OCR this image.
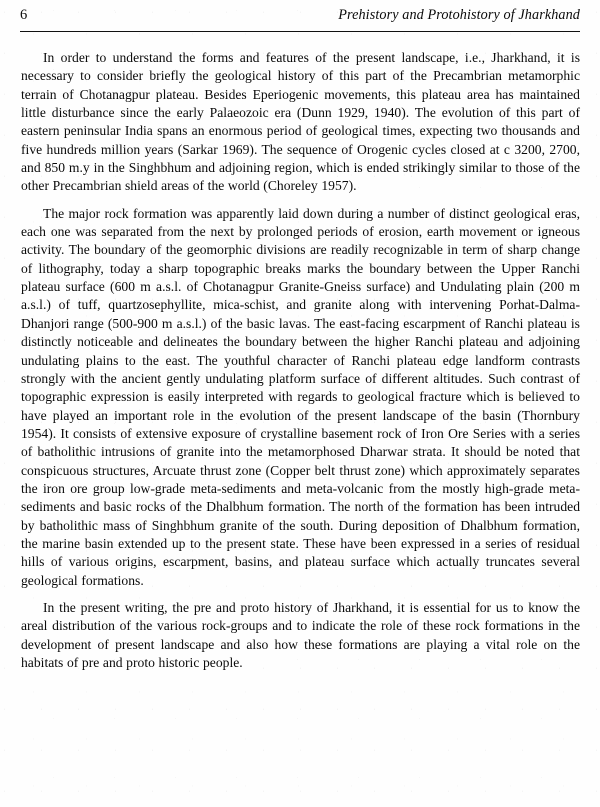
6	Prehistory and Protohistory of Jharkhand

In order to understand the forms and features of the present landscape, i.e., Jharkhand, it is necessary to consider briefly the geological history of this part of the Precambrian metamorphic terrain of Chotanagpur plateau. Besides Eperiogenic movements, this plateau area has maintained little disturbance since the early Palaeozoic era (Dunn 1929, 1940). The evolution of this part of eastern peninsular India spans an enormous period of geological times, expecting two thousands and five hundreds million years (Sarkar 1969). The sequence of Orogenic cycles closed at c 3200, 2700, and 850 m.y in the Singhbhum and adjoining region, which is ended strikingly similar to those of the other Precambrian shield areas of the world (Choreley 1957).

The major rock formation was apparently laid down during a number of distinct geological eras, each one was separated from the next by prolonged periods of erosion, earth movement or igneous activity. The boundary of the geomorphic divisions are readily recognizable in term of sharp change of lithography, today a sharp topographic breaks marks the boundary between the Upper Ranchi plateau surface (600 m a.s.l. of Chotanagpur Granite-Gneiss surface) and Undulating plain (200 m a.s.l.) of tuff, quartzosephyllite, mica-schist, and granite along with intervening Porhat-Dalma-Dhanjori range (500-900 m a.s.l.) of the basic lavas. The east-facing escarpment of Ranchi plateau is distinctly noticeable and delineates the boundary between the higher Ranchi plateau and adjoining undulating plains to the east. The youthful character of Ranchi plateau edge landform contrasts strongly with the ancient gently undulating platform surface of different altitudes. Such contrast of topographic expression is easily interpreted with regards to geological fracture which is believed to have played an important role in the evolution of the present landscape of the basin (Thornbury 1954). It consists of extensive exposure of crystalline basement rock of Iron Ore Series with a series of batholithic intrusions of granite into the metamorphosed Dharwar strata. It should be noted that conspicuous structures, Arcuate thrust zone (Copper belt thrust zone) which approximately separates the iron ore group low-grade meta-sediments and meta-volcanic from the mostly high-grade meta-sediments and basic rocks of the Dhalbhum formation. The north of the formation has been intruded by batholithic mass of Singhbhum granite of the south. During deposition of Dhalbhum formation, the marine basin extended up to the present state. These have been expressed in a series of residual hills of various origins, escarpment, basins, and plateau surface which actually truncates several geological formations.

In the present writing, the pre and proto history of Jharkhand, it is essential for us to know the areal distribution of the various rock-groups and to indicate the role of these rock formations in the development of present landscape and also how these formations are playing a vital role on the habitats of pre and proto historic people.
